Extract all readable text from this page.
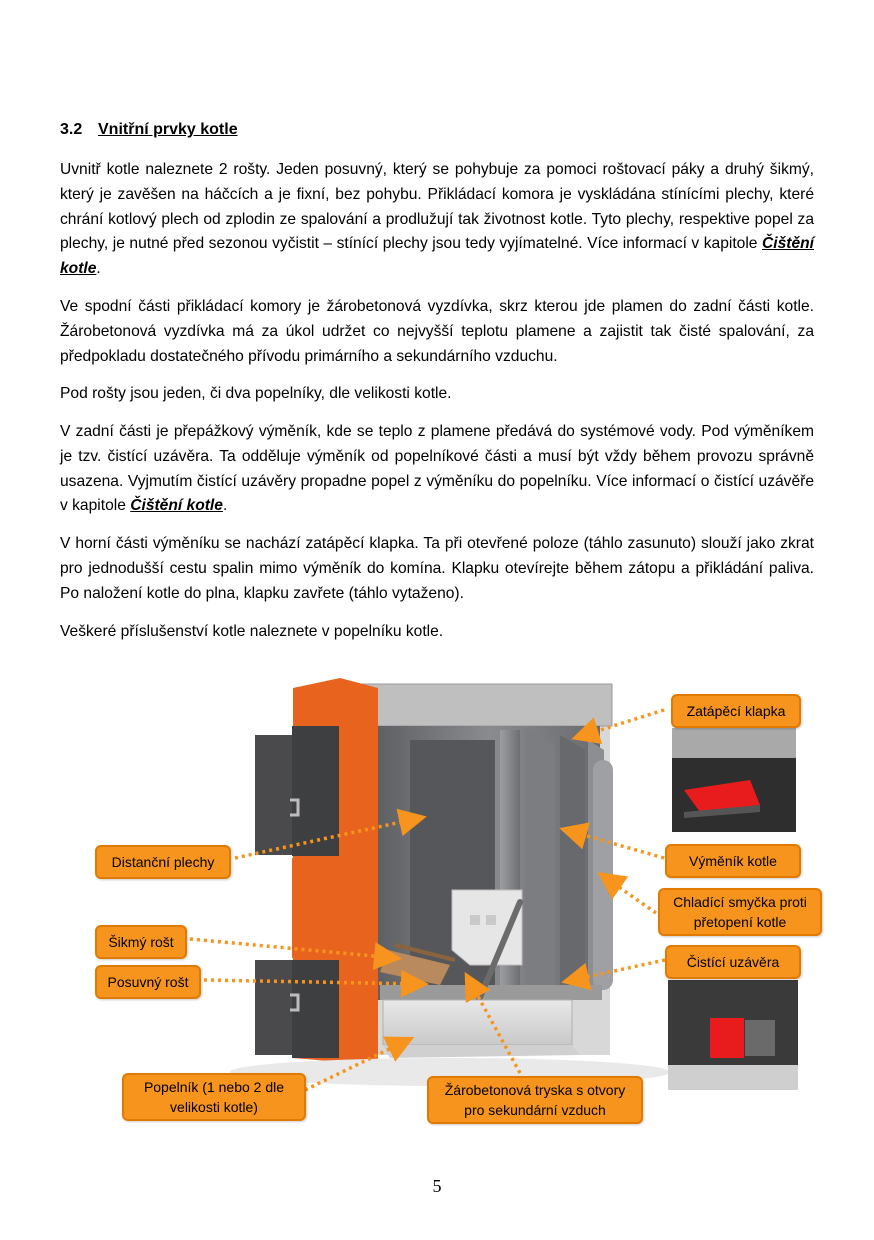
3.2 Vnitřní prvky kotle

Uvnitř kotle naleznete 2 rošty. Jeden posuvný, který se pohybuje za pomoci roštovací páky a druhý šikmý, který je zavěšen na háčcích a je fixní, bez pohybu. Přikládací komora je vyskládána stínícími plechy, které chrání kotlový plech od zplodin ze spalování a prodlužují tak životnost kotle. Tyto plechy, respektive popel za plechy, je nutné před sezonou vyčistit – stínící plechy jsou tedy vyjímatelné. Více informací v kapitole Čištění kotle.

Ve spodní části přikládací komory je žárobetonová vyzdívka, skrz kterou jde plamen do zadní části kotle. Žárobetonová vyzdívka má za úkol udržet co nejvyšší teplotu plamene a zajistit tak čisté spalování, za předpokladu dostatečného přívodu primárního a sekundárního vzduchu.

Pod rošty jsou jeden, či dva popelníky, dle velikosti kotle.

V zadní části je přepážkový výměník, kde se teplo z plamene předává do systémové vody. Pod výměníkem je tzv. čistící uzávěra. Ta odděluje výměník od popelníkové části a musí být vždy během provozu správně usazena. Vyjmutím čistící uzávěry propadne popel z výměníku do popelníku. Více informací o čistící uzávěře v kapitole Čištění kotle.

V horní části výměníku se nachází zatápěcí klapka. Ta při otevřené poloze (táhlo zasunuto) slouží jako zkrat pro jednodušší cestu spalin mimo výměník do komína. Klapku otevírejte během zátopu a přikládání paliva. Po naložení kotle do plna, klapku zavřete (táhlo vytaženo).

Veškeré příslušenství kotle naleznete v popelníku kotle.

Zatápěcí klapka
Distanční plechy	Výměník kotle
Chladící smyčka proti
přetopení kotle
Šikmý rošt
Čistící uzávěra
Posuvný rošt
Popelník (1 nebo 2 dle
velikosti kotle)
Žárobetonová tryska s otvory
pro sekundární vzduch
5
